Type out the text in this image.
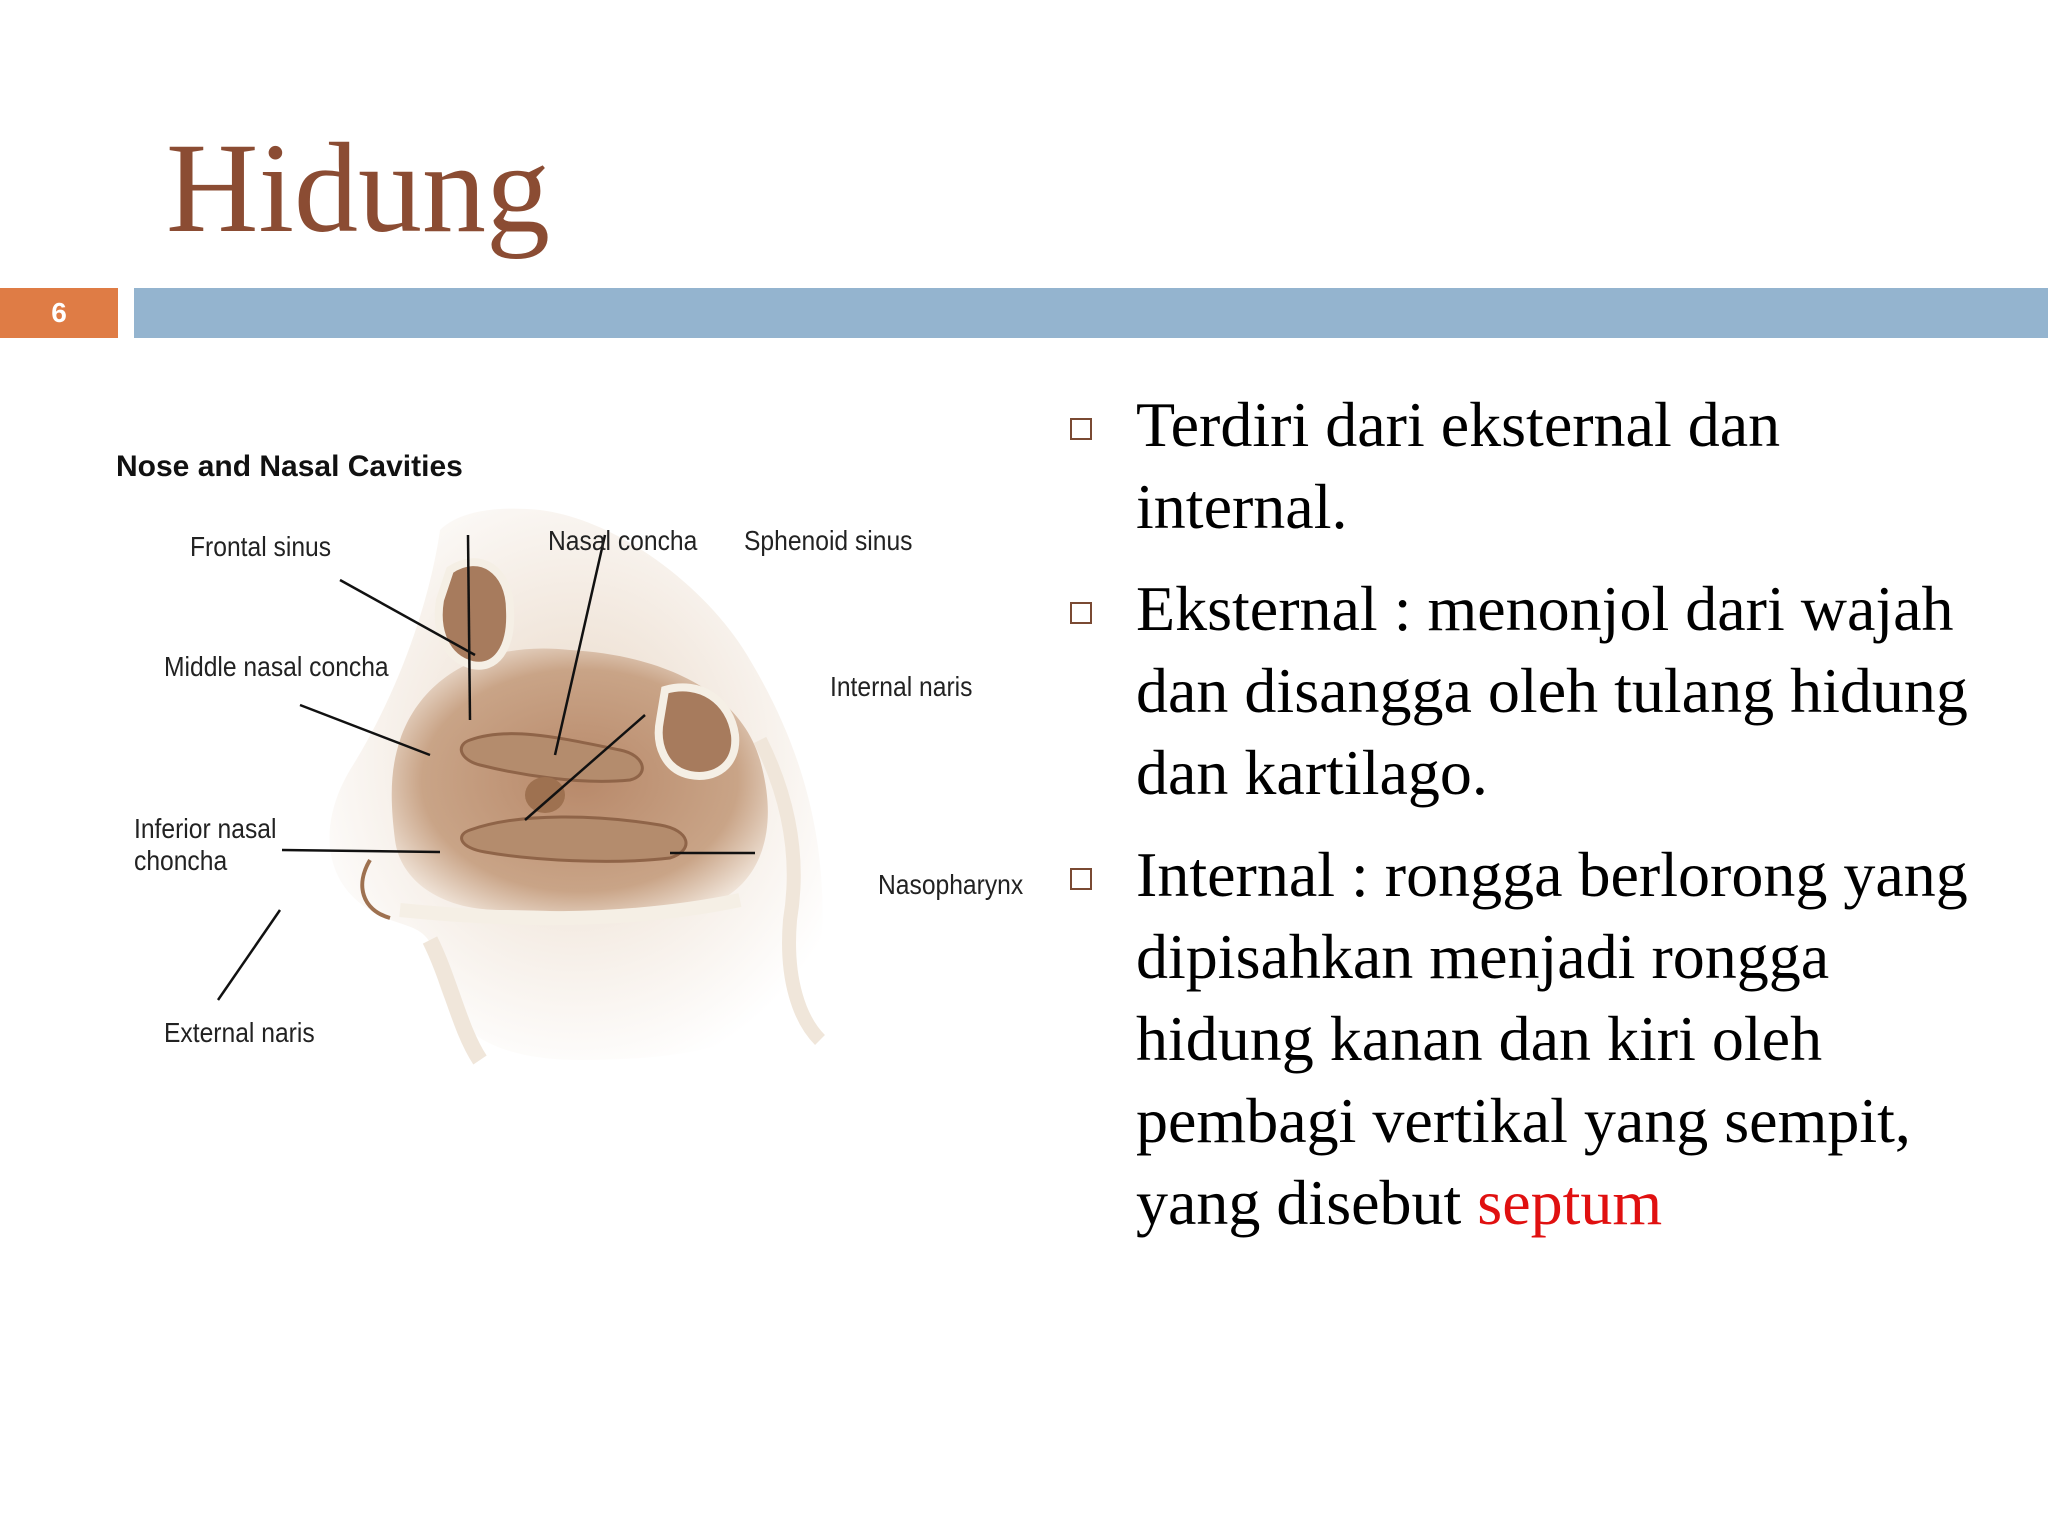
Hidung
6
Nose and Nasal Cavities
Frontal sinus	Nasal concha Sphenoid sinus
Middle nasal concha
Internal naris
Inferior nasal
choncha
Nasopharynx
External naris
Terdiri dari eksternal dan internal.
Eksternal : menonjol dari wajah dan disangga oleh tulang hidung dan kartilago.
Internal : rongga berlorong yang dipisahkan menjadi rongga hidung kanan dan kiri oleh pembagi vertikal yang sempit, yang disebut septum
